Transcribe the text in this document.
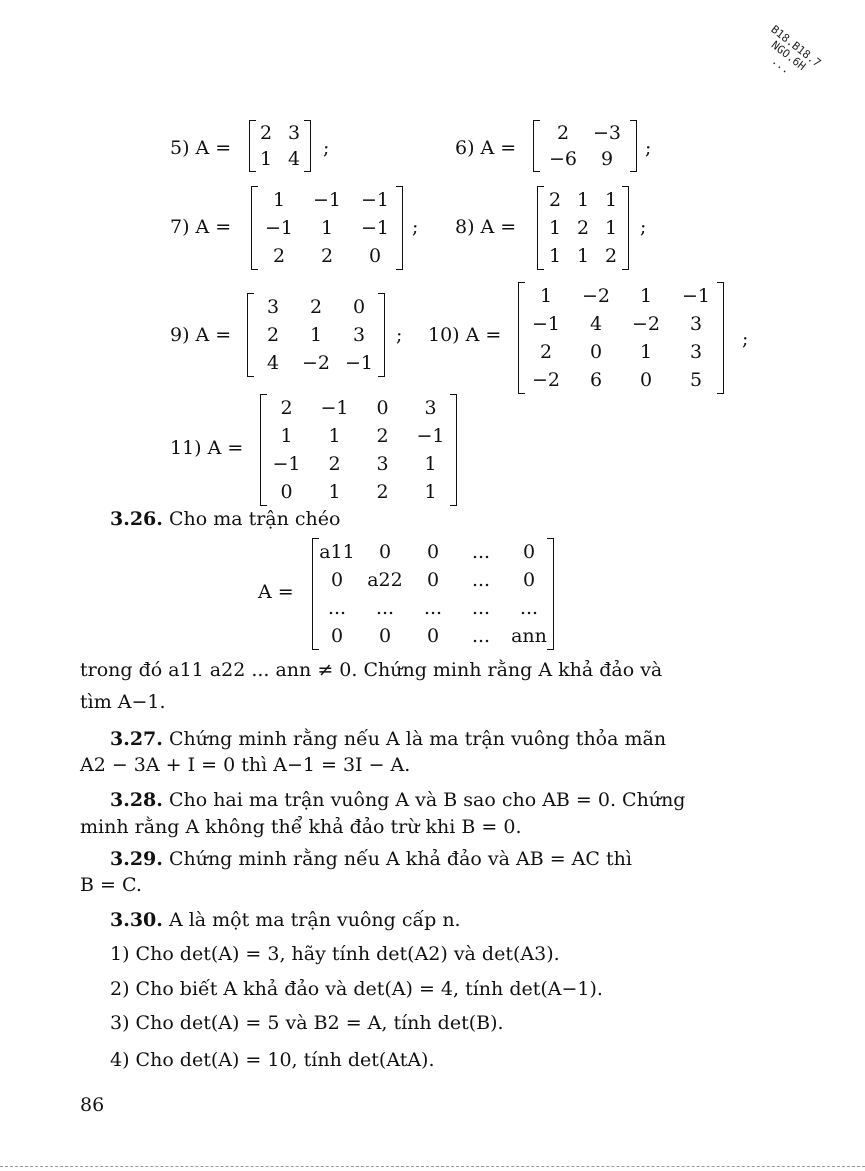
B18.B18.7 NGO.6H ...
5) A =
2 3
1 4	;	6) A =
2	−3
−6	9	;
7) A =
1	−1	−1
−1	1	−1
2	2	0
; 8) A =
2 1 1
1 2 1
1 1 2
;
9) A =
3	2	0
2	1	3
4	−2 −1
; 10) A =
1	−2	1	−1
−1	4	−2	3
2	0	1	3
−2	6	0	5
;
11) A =
2	−1	0	3
1	1	2	−1
−1	2	3	1
0	1	2	1
3.26. Cho ma trận chéo
A =
a11	0	0	...	0
0	a22	0	...	0
...	...	...	...	...
0	0	0	...	ann
trong đó a11 a22 ... ann ≠ 0. Chứng minh rằng A khả đảo và
tìm A−1.
3.27. Chứng minh rằng nếu A là ma trận vuông thỏa mãn
A2 − 3A + I = 0 thì A−1 = 3I − A.
3.28. Cho hai ma trận vuông A và B sao cho AB = 0. Chứng
minh rằng A không thể khả đảo trừ khi B = 0.
3.29. Chứng minh rằng nếu A khả đảo và AB = AC thì
B = C.
3.30. A là một ma trận vuông cấp n.
1) Cho det(A) = 3, hãy tính det(A2) và det(A3).
2) Cho biết A khả đảo và det(A) = 4, tính det(A−1).
3) Cho det(A) = 5 và B2 = A, tính det(B).
4) Cho det(A) = 10, tính det(AtA).
86
